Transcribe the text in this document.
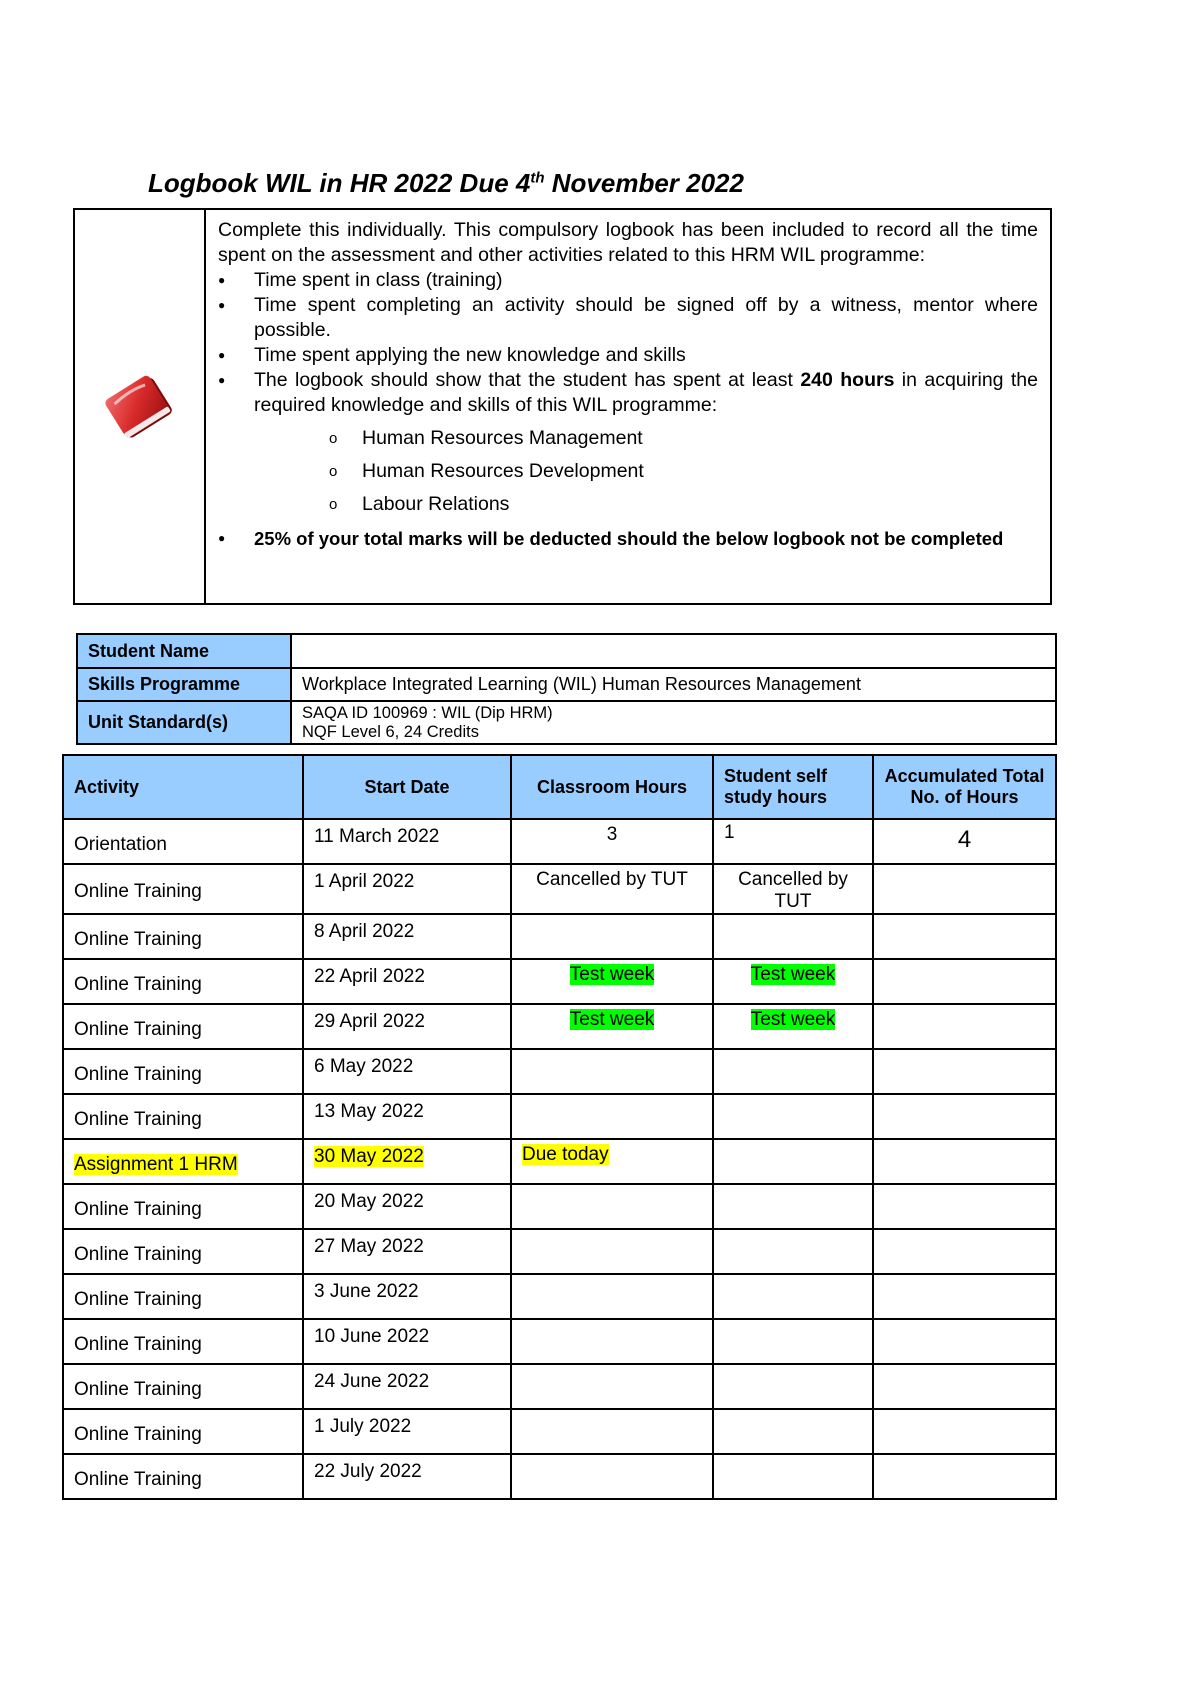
Logbook WIL in HR 2022 Due 4th November 2022

Complete this individually. This compulsory logbook has been included to record all the time spent on the assessment and other activities related to this HRM WIL programme:

● Time spent in class (training)
● Time spent completing an activity should be signed off by a witness, mentor where possible.
● Time spent applying the new knowledge and skills
● The logbook should show that the student has spent at least 240 hours in acquiring the required knowledge and skills of this WIL programme:
o Human Resources Management
o Human Resources Development
o Labour Relations
● 25% of your total marks will be deducted should the below logbook not be completed
Student Name	
Skills Programme	Workplace Integrated Learning (WIL) Human Resources Management
Unit Standard(s)	SAQA ID 100969 : WIL (Dip HRM)
NQF Level 6, 24 Credits
Activity	Start Date	Classroom Hours	Student self study hours	Accumulated Total No. of Hours
Orientation	11 March 2022	3	1	4
Online Training	1 April 2022	Cancelled by TUT	Cancelled by TUT	
Online Training	8 April 2022			
Online Training	22 April 2022	Test week	Test week	
Online Training	29 April 2022	Test week	Test week	
Online Training	6 May 2022			
Online Training	13 May 2022			
Assignment 1 HRM	30 May 2022	Due today		
Online Training	20 May 2022			
Online Training	27 May 2022			
Online Training	3 June 2022			
Online Training	10 June 2022			
Online Training	24 June 2022			
Online Training	1 July 2022			
Online Training	22 July 2022			
